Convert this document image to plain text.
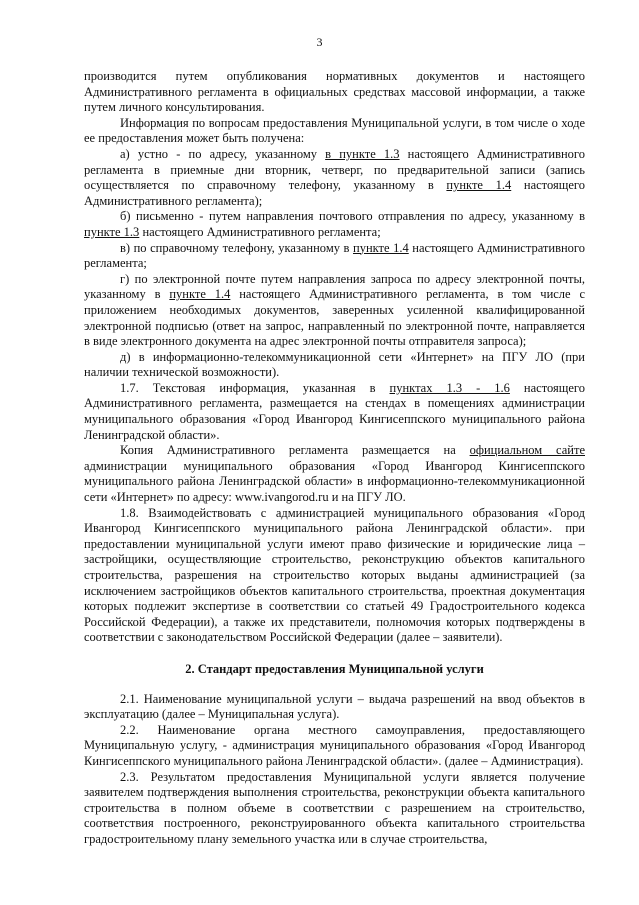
3

производится путем опубликования нормативных документов и настоящего Административного регламента в официальных средствах массовой информации, а также путем личного консультирования.

Информация по вопросам предоставления Муниципальной услуги, в том числе о ходе ее предоставления может быть получена:

а) устно - по адресу, указанному в пункте 1.3 настоящего Административного регламента в приемные дни вторник, четверг, по предварительной записи (запись осуществляется по справочному телефону, указанному в пункте 1.4 настоящего Административного регламента);

б) письменно - путем направления почтового отправления по адресу, указанному в пункте 1.3 настоящего Административного регламента;

в) по справочному телефону, указанному в пункте 1.4 настоящего Административного регламента;

г) по электронной почте путем направления запроса по адресу электронной почты, указанному в пункте 1.4 настоящего Административного регламента, в том числе с приложением необходимых документов, заверенных усиленной квалифицированной электронной подписью (ответ на запрос, направленный по электронной почте, направляется в виде электронного документа на адрес электронной почты отправителя запроса);

д) в информационно-телекоммуникационной сети «Интернет» на ПГУ ЛО (при наличии технической возможности).

1.7. Текстовая информация, указанная в пунктах 1.3 - 1.6 настоящего Административного регламента, размещается на стендах в помещениях администрации муниципального образования «Город Ивангород Кингисеппского муниципального района Ленинградской области».

Копия Административного регламента размещается на официальном сайте администрации муниципального образования «Город Ивангород Кингисеппского муниципального района Ленинградской области» в информационно-телекоммуникационной сети «Интернет» по адресу: www.ivangorod.ru и на ПГУ ЛО.

1.8. Взаимодействовать с администрацией муниципального образования «Город Ивангород Кингисеппского муниципального района Ленинградской области». при предоставлении муниципальной услуги имеют право физические и юридические лица – застройщики, осуществляющие строительство, реконструкцию объектов капитального строительства, разрешения на строительство которых выданы администрацией (за исключением застройщиков объектов капитального строительства, проектная документация которых подлежит экспертизе в соответствии со статьей 49 Градостроительного кодекса Российской Федерации), а также их представители, полномочия которых подтверждены в соответствии с законодательством Российской Федерации (далее – заявители).

2. Стандарт предоставления Муниципальной услуги

2.1. Наименование муниципальной услуги – выдача разрешений на ввод объектов в эксплуатацию (далее – Муниципальная услуга).

2.2. Наименование органа местного самоуправления, предоставляющего Муниципальную услугу, - администрация муниципального образования «Город Ивангород Кингисеппского муниципального района Ленинградской области». (далее – Администрация).

2.3. Результатом предоставления Муниципальной услуги является получение заявителем подтверждения выполнения строительства, реконструкции объекта капитального строительства в полном объеме в соответствии с разрешением на строительство, соответствия построенного, реконструированного объекта капитального строительства градостроительному плану земельного участка или в случае строительства,
